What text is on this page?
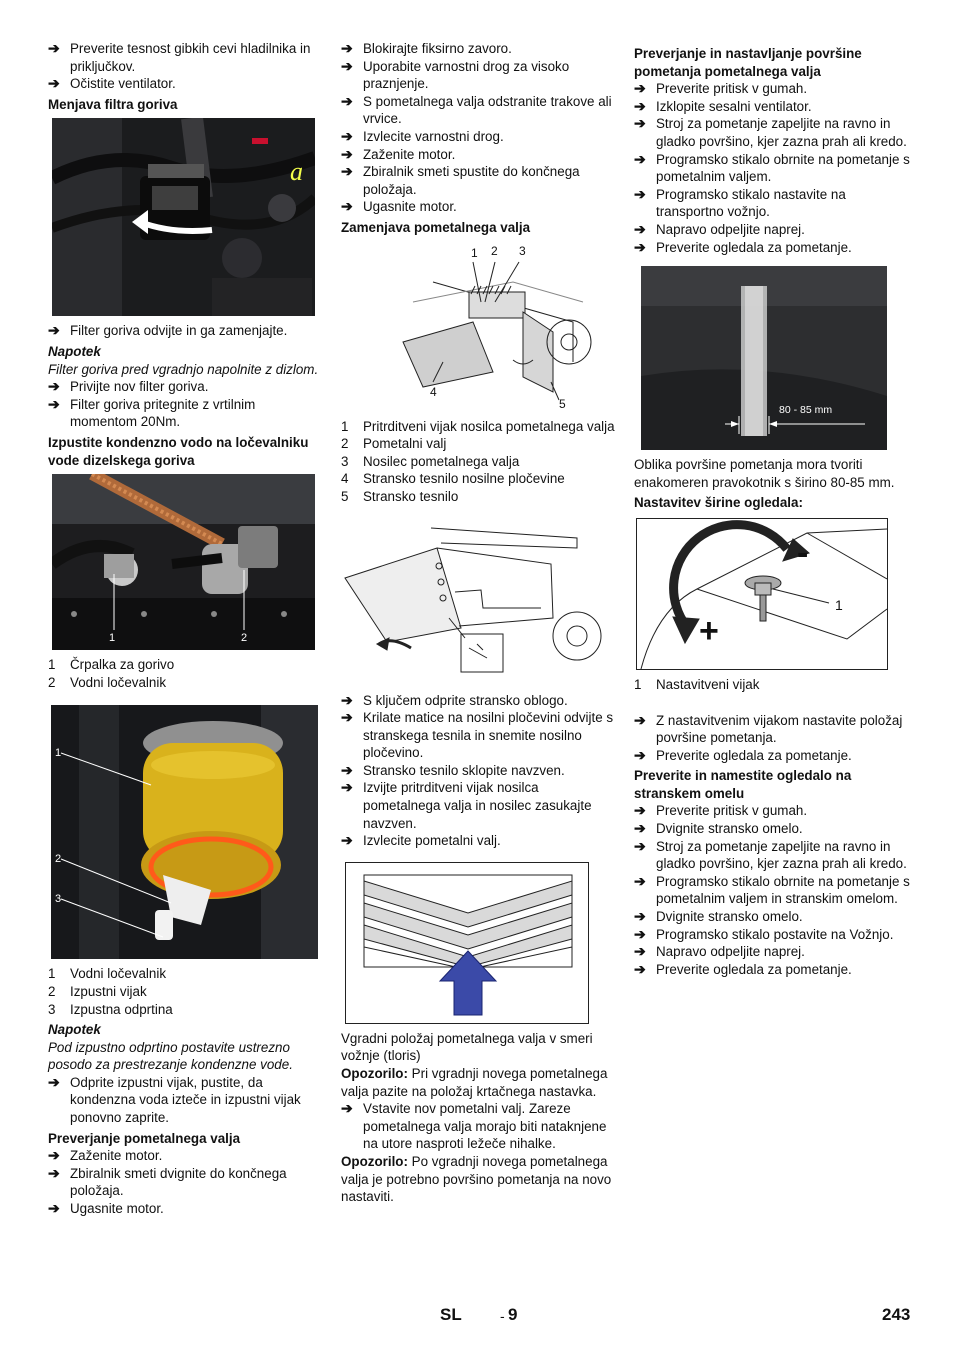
➔ Preverite tesnost gibkih cevi hladilnika in priključkov.
➔ Očistite ventilator.
Menjava filtra goriva
a
➔ Filter goriva odvijte in ga zamenjajte.
Napotek
Filter goriva pred vgradnjo napolnite z dizlom.
➔ Privijte nov filter goriva.
➔ Filter goriva pritegnite z vrtilnim momentom 20Nm.
Izpustite kondenzno vodo na ločevalniku vode dizelskega goriva
1	2
1 Črpalka za gorivo
2 Vodni ločevalnik
1
2
3
1 Vodni ločevalnik
2 Izpustni vijak
3 Izpustna odprtina
Napotek
Pod izpustno odprtino postavite ustrezno posodo za prestrezanje kondenzne vode.
➔ Odprite izpustni vijak, pustite, da kondenzna voda izteče in izpustni vijak ponovno zaprite.
Preverjanje pometalnega valja
➔ Zaženite motor.
➔ Zbiralnik smeti dvignite do končnega položaja.
➔ Ugasnite motor.
➔ Blokirajte fiksirno zavoro.
➔ Uporabite varnostni drog za visoko praznjenje.
➔ S pometalnega valja odstranite trakove ali vrvice.
➔ Izvlecite varnostni drog.
➔ Zaženite motor.
➔ Zbiralnik smeti spustite do končnega položaja.
➔ Ugasnite motor.
Zamenjava pometalnega valja
1 2 3
4
5
1 Pritrditveni vijak nosilca pometalnega valja
2 Pometalni valj
3 Nosilec pometalnega valja
4 Stransko tesnilo nosilne pločevine
5 Stransko tesnilo
➔ S ključem odprite stransko oblogo.
➔ Krilate matice na nosilni pločevini odvijte s stranskega tesnila in snemite nosilno pločevino.
➔ Stransko tesnilo sklopite navzven.
➔ Izvijte pritrditveni vijak nosilca pometalnega valja in nosilec zasukajte navzven.
➔ Izvlecite pometalni valj.
Vgradni položaj pometalnega valja v smeri vožnje (tloris)
Opozorilo: Pri vgradnji novega pometalnega valja pazite na položaj krtačnega nastavka.
➔ Vstavite nov pometalni valj. Zareze pometalnega valja morajo biti nataknjene na utore nasproti ležeče nihalke.
Opozorilo: Po vgradnji novega pometalnega valja je potrebno površino pometanja na novo nastaviti.
Preverjanje in nastavljanje površine pometanja pometalnega valja
➔ Preverite pritisk v gumah.
➔ Izklopite sesalni ventilator.
➔ Stroj za pometanje zapeljite na ravno in gladko površino, kjer zazna prah ali kredo.
➔ Programsko stikalo obrnite na pometanje s pometalnim valjem.
➔ Programsko stikalo nastavite na transportno vožnjo.
➔ Napravo odpeljite naprej.
➔ Preverite ogledala za pometanje.
80 - 85 mm
Oblika površine pometanja mora tvoriti enakomeren pravokotnik s širino 80-85 mm.
Nastavitev širine ogledala:
-
+
1
1 Nastavitveni vijak
➔ Z nastavitvenim vijakom nastavite položaj površine pometanja.
➔ Preverite ogledala za pometanje.
Preverite in namestite ogledalo na stranskem omelu
➔ Preverite pritisk v gumah.
➔ Dvignite stransko omelo.
➔ Stroj za pometanje zapeljite na ravno in gladko površino, kjer zazna prah ali kredo.
➔ Programsko stikalo obrnite na pometanje s pometalnim valjem in stranskim omelom.
➔ Dvignite stransko omelo.
➔ Programsko stikalo postavite na Vožnjo.
➔ Napravo odpeljite naprej.
➔ Preverite ogledala za pometanje.
SL	- 9	243
